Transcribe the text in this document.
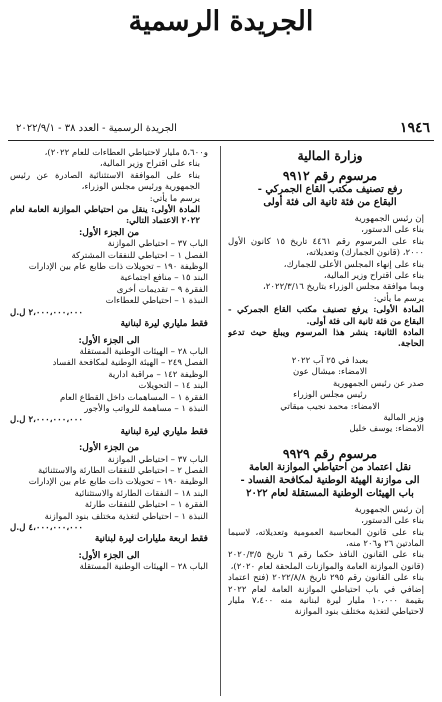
الجريدة الرسمية
١٩٤٦
الجريدة الرسمية - العدد ٣٨ - ٢٠٢٢/٩/١
وزارة المالية
مرسوم رقم ٩٩١٢
رفع تصنيف مكتب القاع الجمركي -
البقاع من فئة ثانية الى فئة أولى
إن رئيس الجمهورية
بناء على الدستور،
بناء على المرسوم رقم ٤٤٦١ تاريخ ١٥ كانون الأول ٢٠٠٠، (قانون الجمارك) وتعديلاته،
بناء على إنهاء المجلس الأعلى للجمارك،
بناء على اقتراح وزير المالية،
وبما موافقة مجلس الوزراء بتاريخ ٢٠٢٢/٣/١٦،
يرسم ما يأتي:
المادة الأولى: يرفع تصنيف مكتب القاع الجمركي - البقاع من فئة ثانية الى فئة أولى.
المادة الثانية: ينشر هذا المرسوم ويبلغ حيث تدعو الحاجة.
بعبدا في ٢٥ آب ٢٠٢٢
الامضاء: ميشال عون
صدر عن رئيس الجمهورية
رئيس مجلس الوزراء
الامضاء: محمد نجيب ميقاتي
وزير المالية
الامضاء: يوسف خليل
مرسوم رقم ٩٩٢٩
نقل اعتماد من احتياطي الموازنة العامة
الى موازنة الهيئة الوطنية لمكافحة الفساد -
باب الهيئات الوطنية المستقلة لعام ٢٠٢٢
إن رئيس الجمهورية
بناء على الدستور،
بناء على قانون المحاسبة العمومية وتعديلاته، لاسيما المادتين ٢٦ و٢٠٦ منه،
بناء على القانون النافذ حكما رقم ٦ تاريخ ٢٠٢٠/٣/٥ (قانون الموازنة العامة والموازنات الملحقة لعام ٢٠٢٠)،
بناء على القانون رقم ٢٩٥ تاريخ ٢٠٢٢/٨/٨ (فتح اعتماد إضافي في باب احتياطي الموازنة العامة لعام ٢٠٢٢ بقيمة ١٠،٠٠٠ مليار ليرة لبنانية منه ٧،٤٠٠ مليار لاحتياطي لتغذية مختلف بنود الموازنة
و٥،٦٠٠ مليار لاحتياطي العطاءات للعام ٢٠٢٢)،
بناء على اقتراح وزير المالية،
بناء على الموافقة الاستثنائية الصادرة عن رئيس الجمهورية ورئيس مجلس الوزراء،
يرسم ما يأتي:
المادة الأولى: ينقل من احتياطي الموازنة العامة لعام ٢٠٢٢ الاعتماد التالي:
من الجزء الأول:
الباب ٣٧ – احتياطي الموازنة
الفصل ١ – احتياطي للنفقات المشتركة
الوظيفة ١٩٠ – تحويلات ذات طابع عام بين الإدارات
البند ١٥ – منافع اجتماعية
الفقرة ٩ – تقديمات أخرى
النبذة ١ – احتياطي للعطاءات
٢،٠٠٠،٠٠٠،٠٠٠ ل.ل
فقط ملياري ليرة لبنانية
الى الجزء الأول:
الباب ٢٨ – الهيئات الوطنية المستقلة
الفصل ٢٤٩ – الهيئة الوطنية لمكافحة الفساد
الوظيفة ١٤٢ – مراقبة ادارية
البند ١٤ – التحويلات
الفقرة ١ – المساهمات داخل القطاع العام
النبذة ١ – مساهمة للرواتب والأجور
٢،٠٠٠،٠٠٠،٠٠٠ ل.ل
فقط ملياري ليرة لبنانية
من الجزء الأول:
الباب ٣٧ – احتياطي الموازنة
الفصل ٢ – احتياطي للنفقات الطارئة والاستثنائية
الوظيفة ١٩٠ – تحويلات ذات طابع عام بين الإدارات
البند ١٨ – النفقات الطارئة والاستثنائية
الفقرة ١ – احتياطي للنفقات طارئة
النبذة ١ – احتياطي لتغذية مختلف بنود الموازنة
٤،٠٠٠،٠٠٠،٠٠٠ ل.ل
فقط اربعة مليارات ليرة لبنانية
الى الجزء الأول:
الباب ٢٨ – الهيئات الوطنية المستقلة
